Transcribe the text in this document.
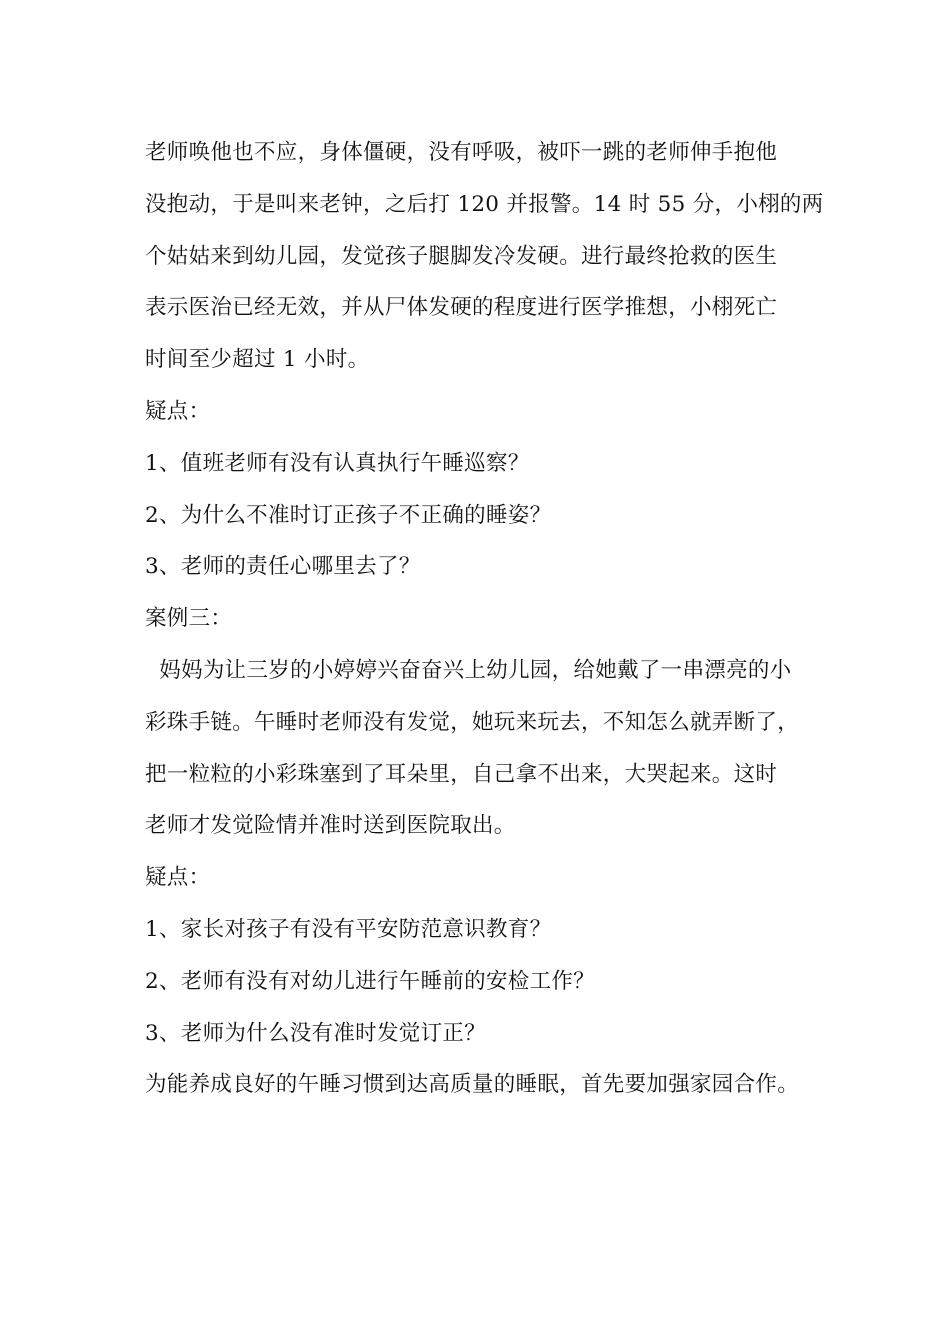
老师唤他也不应，身体僵硬，没有呼吸，被吓一跳的老师伸手抱他
没抱动，于是叫来老钟，之后打 120 并报警。14 时 55 分，小栩的两
个姑姑来到幼儿园，发觉孩子腿脚发冷发硬。进行最终抢救的医生
表示医治已经无效，并从尸体发硬的程度进行医学推想，小栩死亡
时间至少超过 1 小时。
疑点：
1、值班老师有没有认真执行午睡巡察？
2、为什么不准时订正孩子不正确的睡姿？
3、老师的责任心哪里去了？
案例三：
妈妈为让三岁的小婷婷兴奋奋兴上幼儿园，给她戴了一串漂亮的小
彩珠手链。午睡时老师没有发觉，她玩来玩去，不知怎么就弄断了，
把一粒粒的小彩珠塞到了耳朵里，自己拿不出来，大哭起来。这时
老师才发觉险情并准时送到医院取出。
疑点：
1、家长对孩子有没有平安防范意识教育？
2、老师有没有对幼儿进行午睡前的安检工作？
3、老师为什么没有准时发觉订正？
为能养成良好的午睡习惯到达高质量的睡眠，首先要加强家园合作。
